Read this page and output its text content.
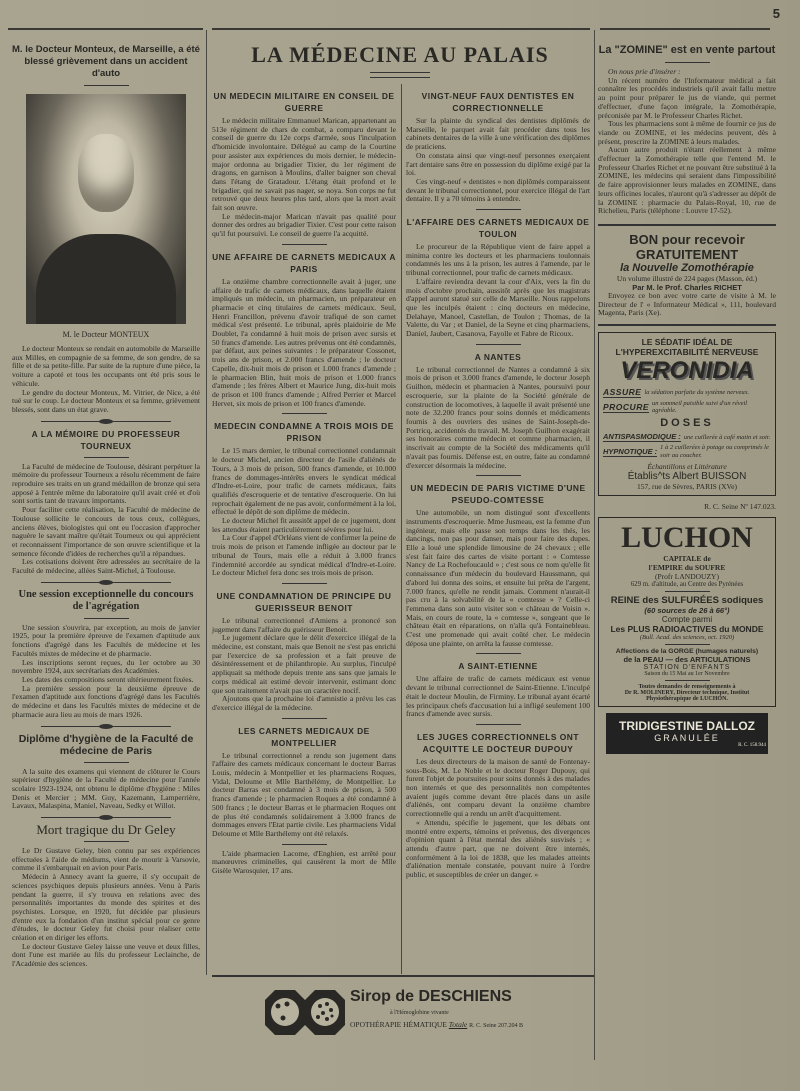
5
LA MÉDECINE AU PALAIS
M. le Docteur Monteux, de Marseille, a été blessé grièvement dans un accident d'auto
M. le Docteur MONTEUX

Le docteur Monteux se rendait en automobile de Marseille aux Milles, en compagnie de sa femme, de son gendre, de sa fille et de sa petite-fille. Par suite de la rupture d'une pièce, la voiture a capoté et tous les occupants ont été pris sous le véhicule.

Le gendre du docteur Monteux, M. Vitrier, de Nice, a été tué sur le coup. Le docteur Monteux et sa femme, grièvement blessés, sont dans un état grave.

A LA MÉMOIRE DU PROFESSEUR TOURNEUX

La Faculté de médecine de Toulouse, désirant perpétuer la mémoire du professeur Tourneux a résolu récemment de faire reproduire ses traits en un grand médaillon de bronze qui sera apposé à l'entrée même du laboratoire qu'il avait créé et d'où sont sortis tant de travaux importants.

Pour faciliter cette réalisation, la Faculté de médecine de Toulouse sollicite le concours de tous ceux, collègues, anciens élèves, biologistes qui ont eu l'occasion d'approcher naguère le savant maître qu'était Tourneux ou qui apprécient et reconnaissent l'importance de son œuvre scientifique et la semence féconde d'idées de recherches qu'il a répandues.

Les cotisations doivent être adressées au secrétaire de la Faculté de médecine, allées Saint-Michel, à Toulouse.

Une session exceptionnelle du concours de l'agrégation

Une session s'ouvrira, par exception, au mois de janvier 1925, pour la première épreuve de l'examen d'aptitude aux fonctions d'agrégé dans les Facultés de médecine et les Facultés mixtes de médecine et de pharmacie.

Les inscriptions seront reçues, du 1er octobre au 30 novembre 1924, aux secrétariats des Académies.

Les dates des compositions seront ultérieurement fixées.

La première session pour la deuxième épreuve de l'examen d'aptitude aux fonctions d'agrégé dans les Facultés de médecine et dans les Facultés mixtes de médecine et de pharmacie aura lieu au mois de mars 1926.

Diplôme d'hygiène de la Faculté de médecine de Paris

A la suite des examens qui viennent de clôturer le Cours supérieur d'hygiène de la Faculté de médecine pour l'année scolaire 1923-1924, ont obtenu le diplôme d'hygiène : Miles Denis et Mercier ; MM. Guy, Kazemann, Lamperrière, Lavaux, Malaspina, Maniel, Naveau, Sedky et Willot.

Mort tragique du Dr Geley

Le Dr Gustave Geley, bien connu par ses expériences effectuées à l'aide de médiums, vient de mourir à Varsovie, comme il s'embarquait en avion pour Paris.

Médecin à Annecy avant la guerre, il s'y occupait de sciences psychiques depuis plusieurs années. Venu à Paris pendant la guerre, il s'y trouva en relations avec des personnalités importantes du monde des spirites et des psychistes. Lorsque, en 1920, fut décidée par plusieurs d'entre eux la fondation d'un institut spécial pour ce genre d'études, le docteur Geley fut choisi pour réaliser cette création et en diriger les efforts.

Le docteur Gustave Geley laisse une veuve et deux filles, dont l'une est mariée au fils du professeur Leclainche, de l'Académie des sciences.

UN MEDECIN MILITAIRE EN CONSEIL DE GUERRE

Le médecin militaire Emmanuel Marican, appartenant au 513e régiment de chars de combat, a comparu devant le conseil de guerre du 12e corps d'armée, sous l'inculpation d'homicide involontaire. Délégué au camp de la Courtine pour assister aux expériences du mois dernier, le médecin-major ordonna au brigadier Tixier, du 1er régiment de dragons, en garnison à Moulins, d'aller baigner son cheval dans l'étang de Gratadour. L'étang était profond et le brigadier, qui ne savait pas nager, se noya. Son corps ne fut retrouvé que deux heures plus tard, alors que la mort avait fait son œuvre.

Le médecin-major Marican n'avait pas qualité pour donner des ordres au brigadier Tixier. C'est pour cette raison qu'il fut poursuivi. Le conseil de guerre l'a acquitté.

UNE AFFAIRE DE CARNETS MEDICAUX A PARIS

La onzième chambre correctionnelle avait à juger, une affaire de trafic de carnets médicaux, dans laquelle étaient impliqués un médecin, un pharmacien, un préparateur en pharmacie et cinq titulaires de carnets médicaux. Seul, Henri Francillon, prévenu d'avoir trafiqué de son carnet médical s'est présenté. Le tribunal, après plaidoirie de Me Doublet, l'a condamné à huit mois de prison avec sursis et 50 francs d'amende. Les autres prévenus ont été condamnés, par défaut, aux peines suivantes : le préparateur Cossonet, trois ans de prison, et 2.000 francs d'amende ; le docteur Capelle, dix-huit mois de prison et 1.000 francs d'amende ; le pharmacien Blin, huit mois de prison et 1.000 francs d'amende ; les frères Albert et Maurice Jung, dix-huit mois de prison et 100 francs d'amende ; Alfred Perrier et Marcel Hervet, six mois de prison et 100 francs d'amende.

MEDECIN CONDAMNE A TROIS MOIS DE PRISON

Le 15 mars dernier, le tribunal correctionnel condamnait le docteur Michel, ancien directeur de l'asile d'aliénés de Tours, à 3 mois de prison, 500 francs d'amende, et 10.000 francs de dommages-intérêts envers le syndicat médical d'Indre-et-Loire, pour trafic de carnets médicaux, faits qualifiés d'escroquerie et de tentative d'escroquerie. On lui reprochait également de ne pas avoir, conformément à la loi, effectué le dépôt de son diplôme de médecin.

Le docteur Michel fit aussitôt appel de ce jugement, dont les attendus étaient particulièrement sévères pour lui.

La Cour d'appel d'Orléans vient de confirmer la peine de trois mois de prison et l'amende infligée au docteur par le tribunal de Tours, mais elle a réduit à 3.000 francs l'indemnité accordée au syndicat médical d'Indre-et-Loire. Le docteur Michel fera donc ses trois mois de prison.

UNE CONDAMNATION DE PRINCIPE DU GUERISSEUR BENOIT

Le tribunal correctionnel d'Amiens a prononcé son jugement dans l'affaire du guérisseur Benoit.

Le jugement déclare que le délit d'exercice illégal de la médecine, est constant, mais que Benoit ne s'est pas enrichi par l'exercice de sa profession et a fait preuve de désintéressement et de philanthropie. Au surplus, l'inculpé appliquait sa méthode depuis trente ans sans que jamais le corps médical ait estimé devoir intervenir, estimant donc que son traitement n'avait pas un caractère nocif.

Ajoutons que la prochaine loi d'amnistie a prévu les cas d'exercice illégal de la médecine.

LES CARNETS MEDICAUX DE MONTPELLIER

Le tribunal correctionnel a rendu son jugement dans l'affaire des carnets médicaux concernant le docteur Barras Louis, médecin à Montpellier et les pharmaciens Roques, Vidal, Deloume et Mlle Barthélémy, de Montpellier. Le docteur Barras est condamné à 3 mois de prison, à 500 francs d'amende ; le pharmacien Roques a été condamné à 500 francs ; le docteur Barras et le pharmacien Roques ont de plus été condamnés solidairement à 3.000 francs de dommages envers l'Etat partie civile. Les pharmaciens Vidal Deloume et Mlle Barthélemy ont été relaxés.

L'aide pharmacien Lacome, d'Enghien, est arrêté pour manœuvres criminelles, qui causèrent la mort de Mlle Gisèle Warosquier, 17 ans.

VINGT-NEUF FAUX DENTISTES EN CORRECTIONNELLE

Sur la plainte du syndical des dentistes diplômés de Marseille, le parquet avait fait procéder dans tous les cabinets dentaires de la ville à une vérification des diplômes de praticiens.

On constata ainsi que vingt-neuf personnes exerçaient l'art dentaire sans être en possession du diplôme exigé par la loi.

Ces vingt-neuf « dentistes » non diplômés comparaissent devant le tribunal correctionnel, pour exercice illégal de l'art dentaire. Il y a 70 témoins à entendre.

L'AFFAIRE DES CARNETS MEDICAUX DE TOULON

Le procureur de la République vient de faire appel a minima contre les docteurs et les pharmaciens toulonnais condamnés les uns à la prison, les autres à l'amende, par le tribunal correctionnel, pour trafic de carnets médicaux.

L'affaire reviendra devant la cour d'Aix, vers la fin du mois d'octobre prochain, aussitôt après que les magistrats d'appel auront statué sur celle de Marseille. Nous rappelons que les inculpés étaient : cinq docteurs en médecine, Delahaye, Manoel, Castellan, de Toulon ; Thomas, de la Valette, du Var ; et Daniel, de la Seyne et cinq pharmaciens, Daniel, Jaubert, Casanova, Fayolle et Fabre de Ricoux.

A NANTES

Le tribunal correctionnel de Nantes a condamné à six mois de prison et 3.000 francs d'amende, le docteur Joseph Guilhon, médecin et pharmacien à Nantes, poursuivi pour escroquerie, sur la plainte de la Société générale de construction de locomotives, à laquelle il avait présenté une note de 32.200 francs pour soins donnés et médicaments fournis à des ouvriers des usines de Saint-Joseph-de-Portricq, accidentés du travail. M. Joseph Guilhon exagérait ses honoraires comme médecin et comme pharmacien, il inscrivait au compte de la Société des médicaments qu'il n'avait pas fournis. Défense est, en outre, faite au condamné d'exercer désormais la médecine.

UN MEDECIN DE PARIS VICTIME D'UNE PSEUDO-COMTESSE

Une automobile, un nom distingué sont d'excellents instruments d'escroquerie. Mme Jusmeau, est la femme d'un ingénieur, mais elle passe son temps dans les thés, les dancings, non pas pour danser, mais pour faire des dupes. Elle a loué une splendide limousine de 24 chevaux ; elle s'est fait faire des cartes de visite portant : « Comtesse Nancy de La Rochefoucauld » ; c'est sous ce nom qu'elle fit connaissance d'un médecin du boulevard Haussmann, qui d'abord lui donna des soins, et ensuite lui prêta de l'argent, 7.000 francs, qu'elle ne rendit jamais. Comment n'aurait-il pas cru à la solvabilité de la « comtesse » ? Celle-ci l'emmena dans son auto visiter son « château de Voisin ». Mais, en cours de route, la « comtesse », songeant que le château était en réparations, on n'alla qu'à Fontainebleau. C'est une promenade qui avait coûté cher. Le médecin déposa une plainte, on arrêta la fausse comtesse.

A SAINT-ETIENNE

Une affaire de trafic de carnets médicaux est venue devant le tribunal correctionnel de Saint-Etienne. L'inculpé était le docteur Moulin, de Firminy. Le tribunal ayant écarté les principaux chefs d'accusation lui a infligé seulement 100 francs d'amende avec sursis.

LES JUGES CORRECTIONNELS ONT ACQUITTE LE DOCTEUR DUPOUY

Les deux directeurs de la maison de santé de Fontenay-sous-Bois, M. Le Noble et le docteur Roger Dupouy, qui furent l'objet de poursuites pour soins donnés à des malades non internés et que des personnalités non compétentes avaient jugés comme devant être placés dans un asile d'aliénés, ont comparu devant la onzième chambre correctionnelle qui a rendu un arrêt d'acquittement.

« Attendu, spécifie le jugement, que les débats ont montré entre experts, témoins et prévenus, des divergences d'opinion quant à l'état mental des aliénés susvisés ; « attendu d'autre part, que ne doivent être internés, conformément à la loi de 1838, que les malades atteints d'aliénation mentale constatée, pouvant nuire à l'ordre public, et susceptibles de créer un danger. »

La "ZOMINE" est en vente partout

On nous prie d'insérer :

Un récent numéro de l'Informateur médical a fait connaître les procédés industriels qu'il avait fallu mettre au point pour préparer le jus de viande, qui permet d'effectuer, d'une façon intégrale, la Zomothérapie, préconisée par M. le Professeur Charles Richet.

Tous les pharmaciens sont à même de fournir ce jus de viande ou ZOMINE, et les médecins peuvent, dès à présent, prescrire la ZOMINE à leurs malades.

Aucun autre produit n'étant réellement à même d'effectuer la Zomothérapie telle que l'entend M. le Professeur Charles Richet et ne pouvant être substitué à la ZOMINE, les médecins qui seraient dans l'impossibilité de faire approvisionner leurs malades en ZOMINE, dans leurs officines locales, n'auront qu'à s'adresser au dépôt de la ZOMINE : pharmacie du Palais-Royal, 10, rue de Richelieu, Paris (téléphone : Louvre 17-52).

BON pour recevoir GRATUITEMENT
la Nouvelle Zomothérapie
Un volume illustré de 224 pages (Masson, éd.)
Par M. le Prof. Charles RICHET

Envoyez ce bon avec votre carte de visite à M. le Directeur de l' « Informateur Médical », 111, boulevard Magenta, Paris (Xe).

LE SÉDATIF IDÉAL DE
L'HYPEREXCITABILITÉ NERVEUSE
VERONIDIA
ASSURE la sédation parfaite du système nerveux.
PROCURE un sommeil paisible suivi d'un réveil agréable.
DOSES
ANTISPASMODIQUE : une cuillerée à café matin et soir.
HYPNOTIQUE : 1 à 2 cuillerées à potage ou comprimés le soir au coucher.
Échantillons et Littérature
Établis^ts Albert BUISSON
157, rue de Sèvres, PARIS (XVe)
R. C. Seine Nº 147.023.
LUCHON
CAPITALE de
l'EMPIRE du SOUFRE
(Profr LANDOUZY)
629 m. d'altitude, au Centre des Pyrénées
REINE des SULFURÉES sodiques
(60 sources de 26 à 66°)
Compte parmi
Les PLUS RADIOACTIVES du MONDE
(Bull. Acad. des sciences, oct. 1920)
Affections de la GORGE (humages naturels)
de la PEAU — des ARTICULATIONS
STATION D'ENFANTS
Saison du 15 Mai au 1er Novembre
Toutes demandes de renseignements à
Dr R. MOLINERY, Directeur technique, Institut Physiothérapique de LUCHON.
TRIDIGESTINE DALLOZ
GRANULÉE
R. C. 158.944
Sirop de DESCHIENS
à l'Hémoglobine vivante
OPOTHÉRAPIE HÉMATIQUE Totale R. C. Seine 207.204 B
